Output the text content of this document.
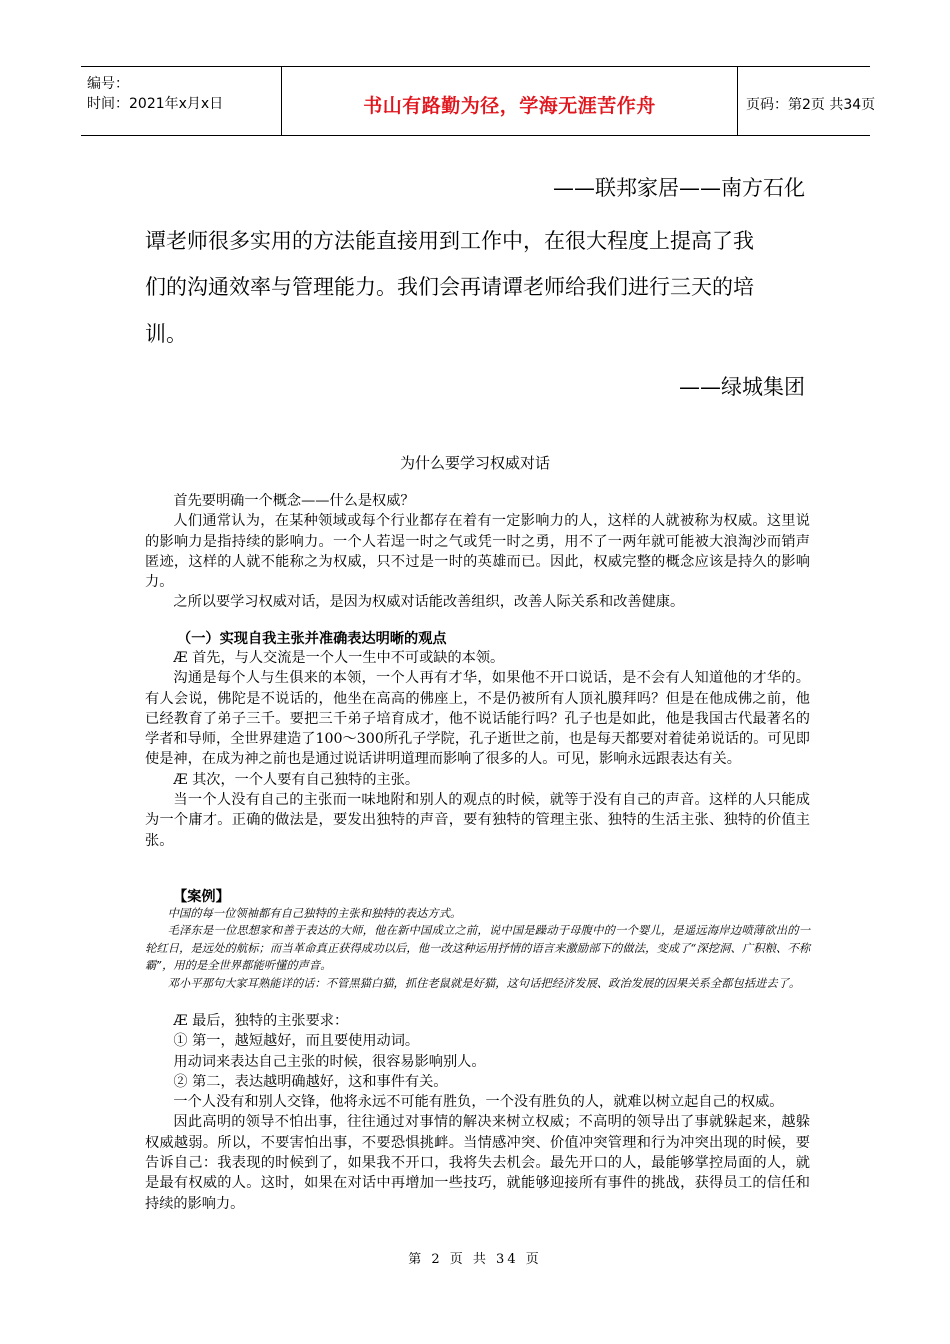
编号：
时间：2021年x月x日	书山有路勤为径，学海无涯苦作舟	页码：第2页 共34页
——联邦家居——南方石化
谭老师很多实用的方法能直接用到工作中，在很大程度上提高了我
们的沟通效率与管理能力。我们会再请谭老师给我们进行三天的培
训。
——绿城集团
为什么要学习权威对话

首先要明确一个概念——什么是权威？

人们通常认为，在某种领域或每个行业都存在着有一定影响力的人，这样的人就被称为权威。这里说的影响力是指持续的影响力。一个人若逞一时之气或凭一时之勇，用不了一两年就可能被大浪淘沙而销声匿迹，这样的人就不能称之为权威，只不过是一时的英雄而已。因此，权威完整的概念应该是持久的影响力。

之所以要学习权威对话，是因为权威对话能改善组织，改善人际关系和改善健康。

（一）实现自我主张并准确表达明晰的观点

Æ 首先，与人交流是一个人一生中不可或缺的本领。

沟通是每个人与生俱来的本领，一个人再有才华，如果他不开口说话，是不会有人知道他的才华的。有人会说，佛陀是不说话的，他坐在高高的佛座上，不是仍被所有人顶礼膜拜吗？但是在他成佛之前，他已经教育了弟子三千。要把三千弟子培育成才，他不说话能行吗？孔子也是如此，他是我国古代最著名的学者和导师，全世界建造了100～300所孔子学院，孔子逝世之前，也是每天都要对着徒弟说话的。可见即使是神，在成为神之前也是通过说话讲明道理而影响了很多的人。可见，影响永远跟表达有关。

Æ 其次，一个人要有自己独特的主张。

当一个人没有自己的主张而一味地附和别人的观点的时候，就等于没有自己的声音。这样的人只能成为一个庸才。正确的做法是，要发出独特的声音，要有独特的管理主张、独特的生活主张、独特的价值主张。

【案例】

中国的每一位领袖都有自己独特的主张和独特的表达方式。

毛泽东是一位思想家和善于表达的大师，他在新中国成立之前，说中国是躁动于母腹中的一个婴儿，是遥远海岸边喷薄欲出的一轮红日，是远处的航标；而当革命真正获得成功以后，他一改这种运用抒情的语言来激励部下的做法，变成了“深挖洞、广积粮、不称霸”，用的是全世界都能听懂的声音。

邓小平那句大家耳熟能详的话：不管黑猫白猫，抓住老鼠就是好猫，这句话把经济发展、政治发展的因果关系全都包括进去了。

Æ 最后，独特的主张要求：

① 第一，越短越好，而且要使用动词。

用动词来表达自己主张的时候，很容易影响别人。

② 第二，表达越明确越好，这和事件有关。

一个人没有和别人交锋，他将永远不可能有胜负，一个没有胜负的人，就难以树立起自己的权威。

因此高明的领导不怕出事，往往通过对事情的解决来树立权威；不高明的领导出了事就躲起来，越躲权威越弱。所以，不要害怕出事，不要恐惧挑衅。当情感冲突、价值冲突管理和行为冲突出现的时候，要告诉自己：我表现的时候到了，如果我不开口，我将失去机会。最先开口的人，最能够掌控局面的人，就是最有权威的人。这时，如果在对话中再增加一些技巧，就能够迎接所有事件的挑战，获得员工的信任和持续的影响力。

第 2 页 共 34 页
